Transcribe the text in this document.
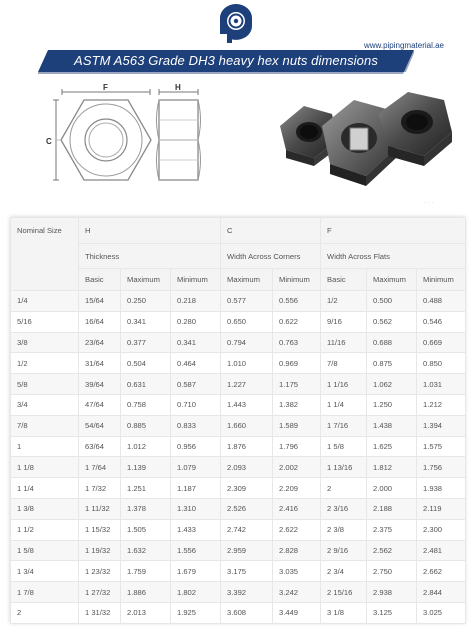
www.pipingmaterial.ae
ASTM A563 Grade DH3 heavy hex nuts dimensions
F	H
C
Nominal Size	H			C		F		
	Thickness			Width Across Corners		Width Across Flats		
	Basic	Maximum	Minimum	Maximum	Minimum	Basic	Maximum	Minimum
1/4	15/64	0.250	0.218	0.577	0.556	1/2	0.500	0.488
5/16	16/64	0.341	0.280	0.650	0.622	9/16	0.562	0.546
3/8	23/64	0.377	0.341	0.794	0.763	11/16	0.688	0.669
1/2	31/64	0.504	0.464	1.010	0.969	7/8	0.875	0.850
5/8	39/64	0.631	0.587	1.227	1.175	1 1/16	1.062	1.031
3/4	47/64	0.758	0.710	1.443	1.382	1 1/4	1.250	1.212
7/8	54/64	0.885	0.833	1.660	1.589	1 7/16	1.438	1.394
1	63/64	1.012	0.956	1.876	1.796	1 5/8	1.625	1.575
1 1/8	1 7/64	1.139	1.079	2.093	2.002	1 13/16	1.812	1.756
1 1/4	1 7/32	1.251	1.187	2.309	2.209	2	2.000	1.938
1 3/8	1 11/32	1.378	1.310	2.526	2.416	2 3/16	2.188	2.119
1 1/2	1 15/32	1.505	1.433	2.742	2.622	2 3/8	2.375	2.300
1 5/8	1 19/32	1.632	1.556	2.959	2.828	2 9/16	2.562	2.481
1 3/4	1 23/32	1.759	1.679	3.175	3.035	2 3/4	2.750	2.662
1 7/8	1 27/32	1.886	1.802	3.392	3.242	2 15/16	2.938	2.844
2	1 31/32	2.013	1.925	3.608	3.449	3 1/8	3.125	3.025
· · ·
